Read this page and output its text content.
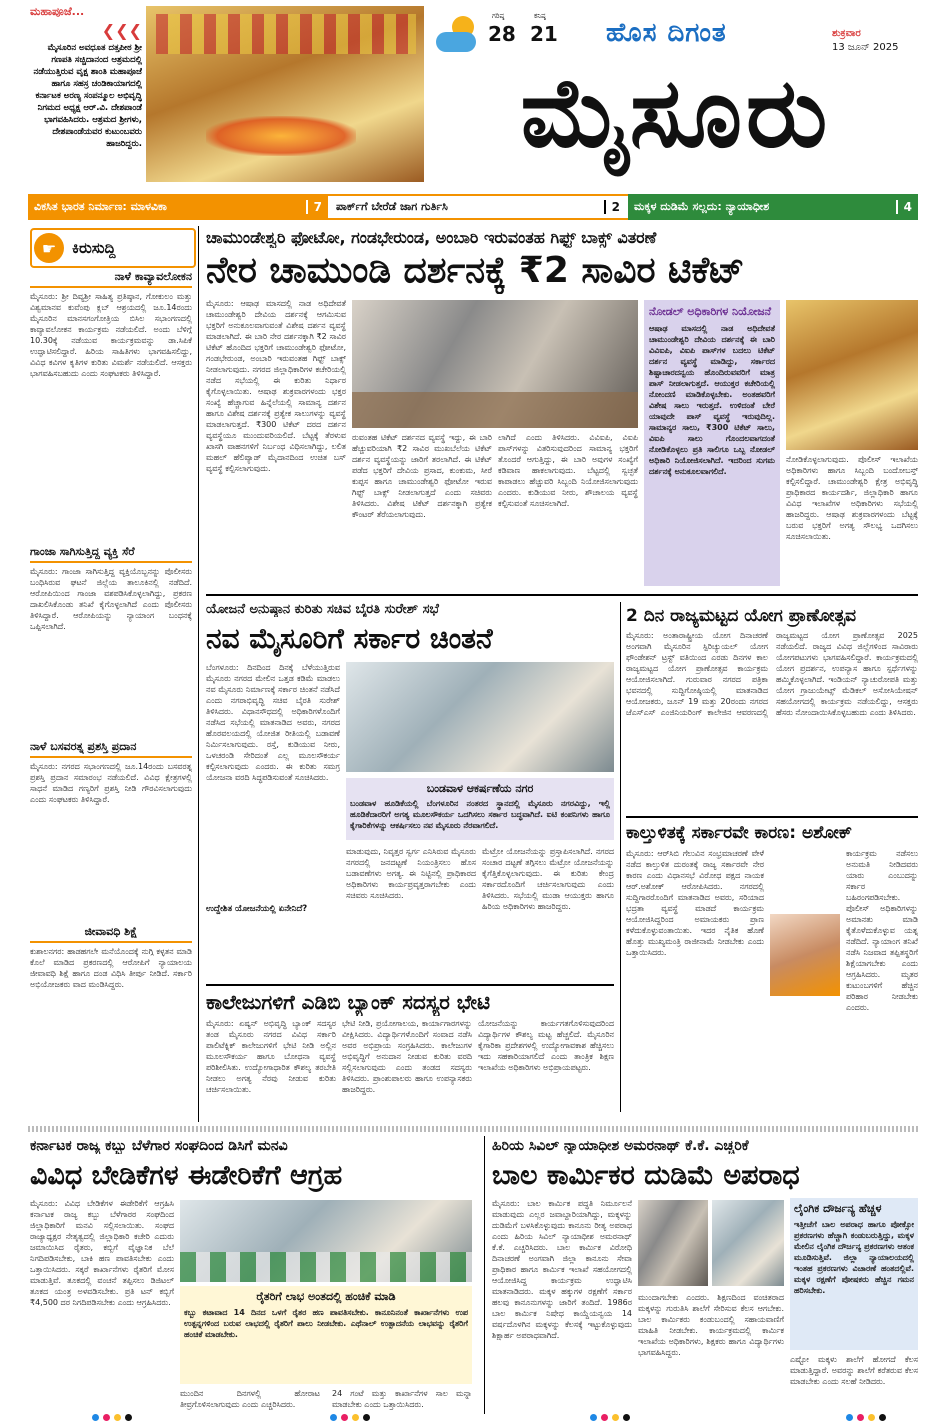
ಮಹಾಪೂಜೆ...
❮❮❮
ಮೈಸೂರಿನ ಅವಧೂತ ದತ್ತಪೀಠ ಶ್ರೀ ಗಣಪತಿ ಸಚ್ಚಿದಾನಂದ ಆಶ್ರಮದಲ್ಲಿ ನಡೆಯುತ್ತಿರುವ ವೃಕ್ಷ ಶಾಂತಿ ಮಹಾಪೂಜೆ ಹಾಗೂ ಸಹಸ್ರ ಚಂಡಿಕಾಯಾಗದಲ್ಲಿ ಕರ್ನಾಟಕ ಅರಣ್ಯ ಸಂಪನ್ಮೂಲ ಅಭಿವೃದ್ಧಿ ನಿಗಮದ ಅಧ್ಯಕ್ಷ ಆರ್.ವಿ. ದೇಶಪಾಂಡೆ ಭಾಗವಹಿಸಿದರು. ಆಶ್ರಮದ ಶ್ರೀಗಳು, ದೇಶಪಾಂಡೆಯವರ ಕುಟುಂಬವರು ಹಾಜರಿದ್ದರು.
ಗರಿಷ್ಠ	ಕನಿಷ್ಠ
28 21 ಹೊಸ ದಿಗಂತ	ಶುಕ್ರವಾರ
13 ಜೂನ್ 2025
ಮೈಸೂರು
ವಿಕಸಿತ ಭಾರತ ನಿರ್ಮಾಣ: ಮಾಳವಿಕಾ	7 ಪಾರ್ಕ್‌ಗೆ ಬೇರೆಡೆ ಜಾಗ ಗುರ್ತಿಸಿ	2 ಮಕ್ಕಳ ದುಡಿಮೆ ಸಲ್ಲದು: ನ್ಯಾಯಾಧೀಶ	4
☛	ಕಿರುಸುದ್ದಿ
ನಾಳೆ ಕಾವ್ಯಾವಲೋಕನ
ಮೈಸೂರು: ಶ್ರೀ ದಿವ್ಯಶ್ರೀ ಸಾಹಿತ್ಯ ಪ್ರತಿಷ್ಠಾನ, ಗೋಕುಲಂ ಮತ್ತು ವಿಶ್ವಮಾನವ ಕುವೆಂಪು ಕ್ಲಬ್ ಆಶ್ರಯದಲ್ಲಿ ಜೂ.14ರಂದು ಮೈಸೂರಿನ ಮಾನಸಗಂಗೋತ್ರಿಯ ಬಿಸಿಲ ಸಭಾಂಗಣದಲ್ಲಿ ಕಾವ್ಯಾವಲೋಕನ ಕಾರ್ಯಕ್ರಮ ನಡೆಯಲಿದೆ. ಅಂದು ಬೆಳಿಗ್ಗೆ 10.30ಕ್ಕೆ ನಡೆಯುವ ಕಾರ್ಯಕ್ರಮವನ್ನು ಡಾ.ಸಿಪಿಕೆ ಉದ್ಘಾಟಿಸಲಿದ್ದಾರೆ. ಹಿರಿಯ ಸಾಹಿತಿಗಳು ಭಾಗವಹಿಸಲಿದ್ದು, ವಿವಿಧ ಕವಿಗಳ ಕೃತಿಗಳ ಕುರಿತು ವಿಮರ್ಶೆ ನಡೆಯಲಿದೆ. ಆಸಕ್ತರು ಭಾಗವಹಿಸಬಹುದು ಎಂದು ಸಂಘಟಕರು ತಿಳಿಸಿದ್ದಾರೆ.
ಗಾಂಜಾ ಸಾಗಿಸುತ್ತಿದ್ದ ವ್ಯಕ್ತಿ ಸೆರೆ
ಮೈಸೂರು: ಗಾಂಜಾ ಸಾಗಿಸುತ್ತಿದ್ದ ವ್ಯಕ್ತಿಯೊಬ್ಬನನ್ನು ಪೊಲೀಸರು ಬಂಧಿಸಿರುವ ಘಟನೆ ಜಿಲ್ಲೆಯ ತಾಲೂಕಿನಲ್ಲಿ ನಡೆದಿದೆ. ಆರೋಪಿಯಿಂದ ಗಾಂಜಾ ವಶಪಡಿಸಿಕೊಳ್ಳಲಾಗಿದ್ದು, ಪ್ರಕರಣ ದಾಖಲಿಸಿಕೊಂಡು ತನಿಖೆ ಕೈಗೊಳ್ಳಲಾಗಿದೆ ಎಂದು ಪೊಲೀಸರು ತಿಳಿಸಿದ್ದಾರೆ. ಆರೋಪಿಯನ್ನು ನ್ಯಾಯಾಂಗ ಬಂಧನಕ್ಕೆ ಒಪ್ಪಿಸಲಾಗಿದೆ.
ನಾಳೆ ಬಸವರತ್ನ ಪ್ರಶಸ್ತಿ ಪ್ರದಾನ
ಮೈಸೂರು: ನಗರದ ಸಭಾಂಗಣದಲ್ಲಿ ಜೂ.14ರಂದು ಬಸವರತ್ನ ಪ್ರಶಸ್ತಿ ಪ್ರದಾನ ಸಮಾರಂಭ ನಡೆಯಲಿದೆ. ವಿವಿಧ ಕ್ಷೇತ್ರಗಳಲ್ಲಿ ಸಾಧನೆ ಮಾಡಿದ ಗಣ್ಯರಿಗೆ ಪ್ರಶಸ್ತಿ ನೀಡಿ ಗೌರವಿಸಲಾಗುವುದು ಎಂದು ಸಂಘಟಕರು ತಿಳಿಸಿದ್ದಾರೆ.
ಜೀವಾವಧಿ ಶಿಕ್ಷೆ
ಕುಶಾಲನಗರ: ಹಾಡಹಗಲೇ ಮನೆಯೊಂದಕ್ಕೆ ನುಗ್ಗಿ ಕಳ್ಳತನ ಮಾಡಿ ಕೊಲೆ ಮಾಡಿದ ಪ್ರಕರಣದಲ್ಲಿ ಆರೋಪಿಗೆ ನ್ಯಾಯಾಲಯ ಜೀವಾವಧಿ ಶಿಕ್ಷೆ ಹಾಗೂ ದಂಡ ವಿಧಿಸಿ ತೀರ್ಪು ನೀಡಿದೆ. ಸರ್ಕಾರಿ ಅಭಿಯೋಜಕರು ವಾದ ಮಂಡಿಸಿದ್ದರು.
ಚಾಮುಂಡೇಶ್ವರಿ ಫೋಟೋ, ಗಂಡಭೇರುಂಡ, ಅಂಬಾರಿ ಇರುವಂತಹ ಗಿಫ್ಟ್ ಬಾಕ್ಸ್ ವಿತರಣೆ
ನೇರ ಚಾಮುಂಡಿ ದರ್ಶನಕ್ಕೆ ₹2 ಸಾವಿರ ಟಿಕೆಟ್
ಮೈಸೂರು: ಆಷಾಢ ಮಾಸದಲ್ಲಿ ನಾಡ ಅಧಿದೇವತೆ ಚಾಮುಂಡೇಶ್ವರಿ ದೇವಿಯ ದರ್ಶನಕ್ಕೆ ಆಗಮಿಸುವ ಭಕ್ತರಿಗೆ ಅನುಕೂಲವಾಗುವಂತೆ ವಿಶೇಷ ದರ್ಶನ ವ್ಯವಸ್ಥೆ ಮಾಡಲಾಗಿದೆ. ಈ ಬಾರಿ ನೇರ ದರ್ಶನಕ್ಕಾಗಿ ₹2 ಸಾವಿರ ಟಿಕೆಟ್ ಹೊಂದಿದ ಭಕ್ತರಿಗೆ ಚಾಮುಂಡೇಶ್ವರಿ ಫೋಟೋ, ಗಂಡಭೇರುಂಡ, ಅಂಬಾರಿ ಇರುವಂತಹ ಗಿಫ್ಟ್ ಬಾಕ್ಸ್ ನೀಡಲಾಗುವುದು. ನಗರದ ಜಿಲ್ಲಾಧಿಕಾರಿಗಳ ಕಚೇರಿಯಲ್ಲಿ ನಡೆದ ಸಭೆಯಲ್ಲಿ ಈ ಕುರಿತು ನಿರ್ಧಾರ ಕೈಗೊಳ್ಳಲಾಯಿತು. ಆಷಾಢ ಶುಕ್ರವಾರಗಳಂದು ಭಕ್ತರ ಸಂಖ್ಯೆ ಹೆಚ್ಚಾಗುವ ಹಿನ್ನೆಲೆಯಲ್ಲಿ ಸಾಮಾನ್ಯ ದರ್ಶನ ಹಾಗೂ ವಿಶೇಷ ದರ್ಶನಕ್ಕೆ ಪ್ರತ್ಯೇಕ ಸಾಲುಗಳನ್ನು ವ್ಯವಸ್ಥೆ ಮಾಡಲಾಗುತ್ತದೆ. ₹300 ಟಿಕೆಟ್ ದರದ ದರ್ಶನ ವ್ಯವಸ್ಥೆಯೂ ಮುಂದುವರಿಯಲಿದೆ. ಬೆಟ್ಟಕ್ಕೆ ತೆರಳುವ ಖಾಸಗಿ ವಾಹನಗಳಿಗೆ ನಿರ್ಬಂಧ ವಿಧಿಸಲಾಗಿದ್ದು, ಲಲಿತ ಮಹಲ್ ಹೆಲಿಪ್ಯಾಡ್ ಮೈದಾನದಿಂದ ಉಚಿತ ಬಸ್ ವ್ಯವಸ್ಥೆ ಕಲ್ಪಿಸಲಾಗುವುದು.
ರುವಂತಹ ಟಿಕೆಟ್ ದರ್ಶನದ ವ್ಯವಸ್ಥೆ ಇದ್ದು, ಈ ಬಾರಿ ಹೆಚ್ಚುವರಿಯಾಗಿ ₹2 ಸಾವಿರ ಮುಖಬೆಲೆಯ ಟಿಕೆಟ್ ದರ್ಶನ ವ್ಯವಸ್ಥೆಯನ್ನು ಜಾರಿಗೆ ತರಲಾಗಿದೆ. ಈ ಟಿಕೆಟ್ ಪಡೆದ ಭಕ್ತರಿಗೆ ದೇವಿಯ ಪ್ರಸಾದ, ಕುಂಕುಮ, ಸೀರೆ ಕುಪ್ಪಸ ಹಾಗೂ ಚಾಮುಂಡೇಶ್ವರಿ ಫೋಟೋ ಇರುವ ಗಿಫ್ಟ್ ಬಾಕ್ಸ್ ನೀಡಲಾಗುತ್ತದೆ ಎಂದು ಸಚಿವರು ತಿಳಿಸಿದರು. ವಿಶೇಷ ಟಿಕೆಟ್ ದರ್ಶನಕ್ಕಾಗಿ ಪ್ರತ್ಯೇಕ ಕೌಂಟರ್ ತೆರೆಯಲಾಗುವುದು.
ಲಾಗಿದೆ ಎಂದು ತಿಳಿಸಿದರು. ವಿವಿಐಪಿ, ವಿಐಪಿ ಪಾಸ್‌ಗಳನ್ನು ವಿತರಿಸುವುದರಿಂದ ಸಾಮಾನ್ಯ ಭಕ್ತರಿಗೆ ತೊಂದರೆ ಆಗುತ್ತಿದ್ದು, ಈ ಬಾರಿ ಅವುಗಳ ಸಂಖ್ಯೆಗೆ ಕಡಿವಾಣ ಹಾಕಲಾಗುವುದು. ಬೆಟ್ಟದಲ್ಲಿ ಸ್ವಚ್ಛತೆ ಕಾಪಾಡಲು ಹೆಚ್ಚುವರಿ ಸಿಬ್ಬಂದಿ ನಿಯೋಜಿಸಲಾಗುವುದು ಎಂದರು. ಕುಡಿಯುವ ನೀರು, ಶೌಚಾಲಯ ವ್ಯವಸ್ಥೆ ಕಲ್ಪಿಸುವಂತೆ ಸೂಚಿಸಲಾಗಿದೆ.
ನೋಡಲ್ ಅಧಿಕಾರಿಗಳ ನಿಯೋಜನೆ
ಆಷಾಢ ಮಾಸದಲ್ಲಿ ನಾಡ ಅಧಿದೇವತೆ ಚಾಮುಂಡೇಶ್ವರಿ ದೇವಿಯ ದರ್ಶನಕ್ಕೆ ಈ ಬಾರಿ ವಿವಿಐಪಿ, ವಿಐಪಿ ಪಾಸ್‌ಗಳ ಬದಲು ಟಿಕೆಟ್ ದರ್ಶನ ವ್ಯವಸ್ಥೆ ಮಾಡಿದ್ದು, ಸರ್ಕಾರದ ಶಿಷ್ಟಾಚಾರದನ್ವಯ ಹೊಂದಿರುವವರಿಗೆ ಮಾತ್ರ ಪಾಸ್ ನೀಡಲಾಗುತ್ತದೆ. ಆಯುಕ್ತರ ಕಚೇರಿಯಲ್ಲಿ ನೋಂದಣಿ ಮಾಡಿಕೊಳ್ಳಬೇಕು. ಅಂತಹವರಿಗೆ ವಿಶೇಷ ಸಾಲು ಇರುತ್ತದೆ. ಉಳಿದಂತೆ ಬೇರೆ ಯಾವುದೇ ಪಾಸ್ ವ್ಯವಸ್ಥೆ ಇರುವುದಿಲ್ಲ. ಸಾಮಾನ್ಯರ ಸಾಲು, ₹300 ಟಿಕೆಟ್ ಸಾಲು, ವಿಐಪಿ ಸಾಲು ಗೊಂದಲವಾಗದಂತೆ ನೋಡಿಕೊಳ್ಳಲು ಪ್ರತಿ ಸಾಲಿಗೂ ಒಬ್ಬ ನೋಡಲ್ ಅಧಿಕಾರಿ ನಿಯೋಜಿಸಲಾಗಿದೆ. ಇದರಿಂದ ಸುಗಮ ದರ್ಶನಕ್ಕೆ ಅನುಕೂಲವಾಗಲಿದೆ.
ನೋಡಿಕೊಳ್ಳಲಾಗುವುದು. ಪೊಲೀಸ್ ಇಲಾಖೆಯ ಅಧಿಕಾರಿಗಳು ಹಾಗೂ ಸಿಬ್ಬಂದಿ ಬಂದೋಬಸ್ತ್ ಕಲ್ಪಿಸಲಿದ್ದಾರೆ. ಚಾಮುಂಡೇಶ್ವರಿ ಕ್ಷೇತ್ರ ಅಭಿವೃದ್ಧಿ ಪ್ರಾಧಿಕಾರದ ಕಾರ್ಯದರ್ಶಿ, ಜಿಲ್ಲಾಧಿಕಾರಿ ಹಾಗೂ ವಿವಿಧ ಇಲಾಖೆಗಳ ಅಧಿಕಾರಿಗಳು ಸಭೆಯಲ್ಲಿ ಹಾಜರಿದ್ದರು. ಆಷಾಢ ಶುಕ್ರವಾರಗಳಂದು ಬೆಟ್ಟಕ್ಕೆ ಬರುವ ಭಕ್ತರಿಗೆ ಅಗತ್ಯ ಸೌಲಭ್ಯ ಒದಗಿಸಲು ಸೂಚಿಸಲಾಯಿತು.
ಯೋಜನೆ ಅನುಷ್ಠಾನ ಕುರಿತು ಸಚಿವ ಬೈರತಿ ಸುರೇಶ್ ಸಭೆ
ನವ ಮೈಸೂರಿಗೆ ಸರ್ಕಾರ ಚಿಂತನೆ
ಬೆಂಗಳೂರು: ದಿನದಿಂದ ದಿನಕ್ಕೆ ಬೆಳೆಯುತ್ತಿರುವ ಮೈಸೂರು ನಗರದ ಮೇಲಿನ ಒತ್ತಡ ಕಡಿಮೆ ಮಾಡಲು ನವ ಮೈಸೂರು ನಿರ್ಮಾಣಕ್ಕೆ ಸರ್ಕಾರ ಚಿಂತನೆ ನಡೆಸಿದೆ ಎಂದು ನಗರಾಭಿವೃದ್ಧಿ ಸಚಿವ ಬೈರತಿ ಸುರೇಶ್ ತಿಳಿಸಿದರು. ವಿಧಾನಸೌಧದಲ್ಲಿ ಅಧಿಕಾರಿಗಳೊಂದಿಗೆ ನಡೆಸಿದ ಸಭೆಯಲ್ಲಿ ಮಾತನಾಡಿದ ಅವರು, ನಗರದ ಹೊರವಲಯದಲ್ಲಿ ಯೋಜಿತ ರೀತಿಯಲ್ಲಿ ಬಡಾವಣೆ ನಿರ್ಮಿಸಲಾಗುವುದು. ರಸ್ತೆ, ಕುಡಿಯುವ ನೀರು, ಒಳಚರಂಡಿ ಸೇರಿದಂತೆ ಎಲ್ಲ ಮೂಲಸೌಕರ್ಯ ಕಲ್ಪಿಸಲಾಗುವುದು ಎಂದರು. ಈ ಕುರಿತು ಸಮಗ್ರ ಯೋಜನಾ ವರದಿ ಸಿದ್ಧಪಡಿಸುವಂತೆ ಸೂಚಿಸಿದರು.
ಬಂಡವಾಳ ಆಕರ್ಷಣೆಯ ನಗರ
ಬಂಡವಾಳ ಹೂಡಿಕೆಯಲ್ಲಿ ಬೆಂಗಳೂರಿನ ನಂತರದ ಸ್ಥಾನದಲ್ಲಿ ಮೈಸೂರು ನಗರವಿದ್ದು, ಇಲ್ಲಿ ಹೂಡಿಕೆದಾರರಿಗೆ ಅಗತ್ಯ ಮೂಲಸೌಕರ್ಯ ಒದಗಿಸಲು ಸರ್ಕಾರ ಬದ್ಧವಾಗಿದೆ. ಐಟಿ ಕಂಪನಿಗಳು ಹಾಗೂ ಕೈಗಾರಿಕೆಗಳನ್ನು ಆಕರ್ಷಿಸಲು ನವ ಮೈಸೂರು ನೆರವಾಗಲಿದೆ.
ಉದ್ದೇಶಿತ ಯೋಜನೆಯಲ್ಲಿ ಏನೇನಿದೆ?
ಮಾಡುವುದು, ನಿವೃತ್ತರ ಸ್ವರ್ಗ ಎನಿಸಿರುವ ಮೈಸೂರು ನಗರದಲ್ಲಿ ಜನದಟ್ಟಣೆ ನಿಯಂತ್ರಿಸಲು ಹೊಸ ಬಡಾವಣೆಗಳು ಅಗತ್ಯ. ಈ ನಿಟ್ಟಿನಲ್ಲಿ ಪ್ರಾಧಿಕಾರದ ಅಧಿಕಾರಿಗಳು ಕಾರ್ಯಪ್ರವೃತ್ತರಾಗಬೇಕು ಎಂದು ಸಚಿವರು ಸೂಚಿಸಿದರು.
ಮೆಟ್ರೋ ಯೋಜನೆಯನ್ನು ಪ್ರಸ್ತಾಪಿಸಲಾಗಿದೆ. ನಗರದ ಸಂಚಾರ ದಟ್ಟಣೆ ತಗ್ಗಿಸಲು ಮೆಟ್ರೋ ಯೋಜನೆಯನ್ನು ಕೈಗೆತ್ತಿಕೊಳ್ಳಲಾಗುವುದು. ಈ ಕುರಿತು ಕೇಂದ್ರ ಸರ್ಕಾರದೊಂದಿಗೆ ಚರ್ಚಿಸಲಾಗುವುದು ಎಂದು ತಿಳಿಸಿದರು. ಸಭೆಯಲ್ಲಿ ಮುಡಾ ಆಯುಕ್ತರು ಹಾಗೂ ಹಿರಿಯ ಅಧಿಕಾರಿಗಳು ಹಾಜರಿದ್ದರು.
2 ದಿನ ರಾಜ್ಯಮಟ್ಟದ ಯೋಗ ಪ್ರಾಣೋತ್ಸವ
ಮೈಸೂರು: ಅಂತಾರಾಷ್ಟ್ರೀಯ ಯೋಗ ದಿನಾಚರಣೆ ಅಂಗವಾಗಿ ಮೈಸೂರಿನ ಸ್ಪಿರಿಚ್ಯುಯಲ್ ಯೋಗ ಫೌಂಡೇಶನ್ ಟ್ರಸ್ಟ್ ವತಿಯಿಂದ ಎರಡು ದಿನಗಳ ಕಾಲ ರಾಜ್ಯಮಟ್ಟದ ಯೋಗ ಪ್ರಾಣೋತ್ಸವ ಕಾರ್ಯಕ್ರಮ ಆಯೋಜಿಸಲಾಗಿದೆ. ಗುರುವಾರ ನಗರದ ಪತ್ರಿಕಾ ಭವನದಲ್ಲಿ ಸುದ್ದಿಗೋಷ್ಠಿಯಲ್ಲಿ ಮಾತನಾಡಿದ ಆಯೋಜಕರು, ಜೂನ್ 19 ಮತ್ತು 20ರಂದು ನಗರದ ಜೆಎಸ್ಎಸ್ ಎಂಜಿನಿಯರಿಂಗ್ ಕಾಲೇಜಿನ ಆವರಣದಲ್ಲಿ ರಾಜ್ಯಮಟ್ಟದ ಯೋಗ ಪ್ರಾಣೋತ್ಸವ 2025 ನಡೆಯಲಿದೆ. ರಾಜ್ಯದ ವಿವಿಧ ಜಿಲ್ಲೆಗಳಿಂದ ಸಾವಿರಾರು ಯೋಗಪಟುಗಳು ಭಾಗವಹಿಸಲಿದ್ದಾರೆ. ಕಾರ್ಯಕ್ರಮದಲ್ಲಿ ಯೋಗ ಪ್ರದರ್ಶನ, ಉಪನ್ಯಾಸ ಹಾಗೂ ಸ್ಪರ್ಧೆಗಳನ್ನು ಹಮ್ಮಿಕೊಳ್ಳಲಾಗಿದೆ. ಇಂಡಿಯನ್ ನ್ಯಾಚುರೋಪತಿ ಮತ್ತು ಯೋಗ ಗ್ರಾಜುಯೇಟ್ಸ್ ಮೆಡಿಕಲ್ ಅಸೋಸಿಯೇಷನ್ ಸಹಯೋಗದಲ್ಲಿ ಕಾರ್ಯಕ್ರಮ ನಡೆಯಲಿದ್ದು, ಆಸಕ್ತರು ಹೆಸರು ನೋಂದಾಯಿಸಿಕೊಳ್ಳಬಹುದು ಎಂದು ತಿಳಿಸಿದರು.
ಕಾಲ್ತುಳಿತಕ್ಕೆ ಸರ್ಕಾರವೇ ಕಾರಣ: ಅಶೋಕ್
ಮೈಸೂರು: ಆರ್‌ಸಿಬಿ ಗೆಲುವಿನ ಸಂಭ್ರಮಾಚರಣೆ ವೇಳೆ ನಡೆದ ಕಾಲ್ತುಳಿತ ದುರಂತಕ್ಕೆ ರಾಜ್ಯ ಸರ್ಕಾರವೇ ನೇರ ಕಾರಣ ಎಂದು ವಿಧಾನಸಭೆ ವಿರೋಧ ಪಕ್ಷದ ನಾಯಕ ಆರ್.ಅಶೋಕ್ ಆರೋಪಿಸಿದರು. ನಗರದಲ್ಲಿ ಸುದ್ದಿಗಾರರೊಂದಿಗೆ ಮಾತನಾಡಿದ ಅವರು, ಸರಿಯಾದ ಭದ್ರತಾ ವ್ಯವಸ್ಥೆ ಮಾಡದೆ ಕಾರ್ಯಕ್ರಮ ಆಯೋಜಿಸಿದ್ದರಿಂದ ಅಮಾಯಕರು ಪ್ರಾಣ ಕಳೆದುಕೊಳ್ಳುವಂತಾಯಿತು. ಇದರ ನೈತಿಕ ಹೊಣೆ ಹೊತ್ತು ಮುಖ್ಯಮಂತ್ರಿ ರಾಜೀನಾಮೆ ನೀಡಬೇಕು ಎಂದು ಒತ್ತಾಯಿಸಿದರು.
ಕಾರ್ಯಕ್ರಮ ನಡೆಸಲು ಅನುಮತಿ ನೀಡಿದವರು ಯಾರು ಎಂಬುದನ್ನು ಸರ್ಕಾರ ಬಹಿರಂಗಪಡಿಸಬೇಕು. ಪೊಲೀಸ್ ಅಧಿಕಾರಿಗಳನ್ನು ಅಮಾನತು ಮಾಡಿ ಕೈತೊಳೆದುಕೊಳ್ಳುವ ಯತ್ನ ನಡೆದಿದೆ. ನ್ಯಾಯಾಂಗ ತನಿಖೆ ನಡೆಸಿ ನಿಜವಾದ ತಪ್ಪಿತಸ್ಥರಿಗೆ ಶಿಕ್ಷೆಯಾಗಬೇಕು ಎಂದು ಆಗ್ರಹಿಸಿದರು. ಮೃತರ ಕುಟುಂಬಗಳಿಗೆ ಹೆಚ್ಚಿನ ಪರಿಹಾರ ನೀಡಬೇಕು ಎಂದರು.
ಕಾಲೇಜುಗಳಿಗೆ ಎಡಿಬಿ ಬ್ಯಾಂಕ್ ಸದಸ್ಯರ ಭೇಟಿ
ಮೈಸೂರು: ಏಷ್ಯನ್ ಅಭಿವೃದ್ಧಿ ಬ್ಯಾಂಕ್ ಸದಸ್ಯರ ತಂಡ ಮೈಸೂರು ನಗರದ ವಿವಿಧ ಸರ್ಕಾರಿ ಪಾಲಿಟೆಕ್ನಿಕ್ ಕಾಲೇಜುಗಳಿಗೆ ಭೇಟಿ ನೀಡಿ ಅಲ್ಲಿನ ಮೂಲಸೌಕರ್ಯ ಹಾಗೂ ಬೋಧನಾ ವ್ಯವಸ್ಥೆ ಪರಿಶೀಲಿಸಿತು. ಉದ್ಯೋಗಾಧಾರಿತ ಕೌಶಲ್ಯ ತರಬೇತಿ ನೀಡಲು ಅಗತ್ಯ ನೆರವು ನೀಡುವ ಕುರಿತು ಚರ್ಚಿಸಲಾಯಿತು.
ಭೇಟಿ ನೀಡಿ, ಪ್ರಯೋಗಾಲಯ, ಕಾರ್ಯಾಗಾರಗಳನ್ನು ವೀಕ್ಷಿಸಿದರು. ವಿದ್ಯಾರ್ಥಿಗಳೊಂದಿಗೆ ಸಂವಾದ ನಡೆಸಿ ಅವರ ಅಭಿಪ್ರಾಯ ಸಂಗ್ರಹಿಸಿದರು. ಕಾಲೇಜುಗಳ ಅಭಿವೃದ್ಧಿಗೆ ಅನುದಾನ ನೀಡುವ ಕುರಿತು ವರದಿ ಸಲ್ಲಿಸಲಾಗುವುದು ಎಂದು ತಂಡದ ಸದಸ್ಯರು ತಿಳಿಸಿದರು. ಪ್ರಾಂಶುಪಾಲರು ಹಾಗೂ ಉಪನ್ಯಾಸಕರು ಹಾಜರಿದ್ದರು.
ಯೋಜನೆಯನ್ನು ಕಾರ್ಯಗತಗೊಳಿಸುವುದರಿಂದ ವಿದ್ಯಾರ್ಥಿಗಳ ಕೌಶಲ್ಯ ಮಟ್ಟ ಹೆಚ್ಚಲಿದೆ. ಮೈಸೂರಿನ ಕೈಗಾರಿಕಾ ಪ್ರದೇಶಗಳಲ್ಲಿ ಉದ್ಯೋಗಾವಕಾಶ ಹೆಚ್ಚಿಸಲು ಇದು ಸಹಕಾರಿಯಾಗಲಿದೆ ಎಂದು ತಾಂತ್ರಿಕ ಶಿಕ್ಷಣ ಇಲಾಖೆಯ ಅಧಿಕಾರಿಗಳು ಅಭಿಪ್ರಾಯಪಟ್ಟರು.
ಕರ್ನಾಟಕ ರಾಜ್ಯ ಕಬ್ಬು ಬೆಳೆಗಾರ ಸಂಘದಿಂದ ಡಿಸಿಗೆ ಮನವಿ
ವಿವಿಧ ಬೇಡಿಕೆಗಳ ಈಡೇರಿಕೆಗೆ ಆಗ್ರಹ
ಮೈಸೂರು: ವಿವಿಧ ಬೇಡಿಕೆಗಳ ಈಡೇರಿಕೆಗೆ ಆಗ್ರಹಿಸಿ ಕರ್ನಾಟಕ ರಾಜ್ಯ ಕಬ್ಬು ಬೆಳೆಗಾರರ ಸಂಘದಿಂದ ಜಿಲ್ಲಾಧಿಕಾರಿಗೆ ಮನವಿ ಸಲ್ಲಿಸಲಾಯಿತು. ಸಂಘದ ರಾಜ್ಯಾಧ್ಯಕ್ಷರ ನೇತೃತ್ವದಲ್ಲಿ ಜಿಲ್ಲಾಧಿಕಾರಿ ಕಚೇರಿ ಎದುರು ಜಮಾಯಿಸಿದ ರೈತರು, ಕಬ್ಬಿಗೆ ವೈಜ್ಞಾನಿಕ ಬೆಲೆ ನಿಗದಿಪಡಿಸಬೇಕು, ಬಾಕಿ ಹಣ ಪಾವತಿಸಬೇಕು ಎಂದು ಒತ್ತಾಯಿಸಿದರು. ಸಕ್ಕರೆ ಕಾರ್ಖಾನೆಗಳು ರೈತರಿಗೆ ಮೋಸ ಮಾಡುತ್ತಿವೆ. ತೂಕದಲ್ಲಿ ವಂಚನೆ ತಪ್ಪಿಸಲು ಡಿಜಿಟಲ್ ತೂಕದ ಯಂತ್ರ ಅಳವಡಿಸಬೇಕು. ಪ್ರತಿ ಟನ್ ಕಬ್ಬಿಗೆ ₹4,500 ದರ ನಿಗದಿಪಡಿಸಬೇಕು ಎಂದು ಆಗ್ರಹಿಸಿದರು.	ರೈತರಿಗೆ ಲಾಭ ಅಂತದಲ್ಲಿ ಹಂಚಿಕೆ ಮಾಡಿ
ಕಬ್ಬು ಕಟಾವಾದ 14 ದಿನದ ಒಳಗೆ ರೈತರ ಹಣ ಪಾವತಿಸಬೇಕು. ಕಾನೂನಿನಂತೆ ಕಾರ್ಖಾನೆಗಳು ಉಪ ಉತ್ಪನ್ನಗಳಿಂದ ಬರುವ ಲಾಭದಲ್ಲಿ ರೈತರಿಗೆ ಪಾಲು ನೀಡಬೇಕು. ಎಥೆನಾಲ್ ಉತ್ಪಾದನೆಯ ಲಾಭವನ್ನು ರೈತರಿಗೆ ಹಂಚಿಕೆ ಮಾಡಬೇಕು.
ಮುಂದಿನ ದಿನಗಳಲ್ಲಿ ಹೋರಾಟ ತೀವ್ರಗೊಳಿಸಲಾಗುವುದು ಎಂದು ಎಚ್ಚರಿಸಿದರು.
24 ಗಂಟೆ ಮತ್ತು ಕಾರ್ಖಾನೆಗಳ ಸಾಲ ಮನ್ನಾ ಮಾಡಬೇಕು ಎಂದು ಒತ್ತಾಯಿಸಿದರು.
ಹಿರಿಯ ಸಿವಿಲ್ ನ್ಯಾಯಾಧೀಶ ಅಮರನಾಥ್ ಕೆ.ಕೆ. ಎಚ್ಚರಿಕೆ
ಬಾಲ ಕಾರ್ಮಿಕರ ದುಡಿಮೆ ಅಪರಾಧ
ಮೈಸೂರು: ಬಾಲ ಕಾರ್ಮಿಕ ಪದ್ಧತಿ ನಿರ್ಮೂಲನೆ ಮಾಡುವುದು ಎಲ್ಲರ ಜವಾಬ್ದಾರಿಯಾಗಿದ್ದು, ಮಕ್ಕಳನ್ನು ದುಡಿಮೆಗೆ ಬಳಸಿಕೊಳ್ಳುವುದು ಕಾನೂನು ರೀತ್ಯ ಅಪರಾಧ ಎಂದು ಹಿರಿಯ ಸಿವಿಲ್ ನ್ಯಾಯಾಧೀಶ ಅಮರನಾಥ್ ಕೆ.ಕೆ. ಎಚ್ಚರಿಸಿದರು. ಬಾಲ ಕಾರ್ಮಿಕ ವಿರೋಧಿ ದಿನಾಚರಣೆ ಅಂಗವಾಗಿ ಜಿಲ್ಲಾ ಕಾನೂನು ಸೇವಾ ಪ್ರಾಧಿಕಾರ ಹಾಗೂ ಕಾರ್ಮಿಕ ಇಲಾಖೆ ಸಹಯೋಗದಲ್ಲಿ ಆಯೋಜಿಸಿದ್ದ ಕಾರ್ಯಕ್ರಮ ಉದ್ಘಾಟಿಸಿ ಮಾತನಾಡಿದರು. ಮಕ್ಕಳ ಹಕ್ಕುಗಳ ರಕ್ಷಣೆಗೆ ಸರ್ಕಾರ ಹಲವು ಕಾನೂನುಗಳನ್ನು ಜಾರಿಗೆ ತಂದಿದೆ. 1986ರ ಬಾಲ ಕಾರ್ಮಿಕ ನಿಷೇಧ ಕಾಯ್ದೆಯನ್ವಯ 14 ವರ್ಷದೊಳಗಿನ ಮಕ್ಕಳನ್ನು ಕೆಲಸಕ್ಕೆ ಇಟ್ಟುಕೊಳ್ಳುವುದು ಶಿಕ್ಷಾರ್ಹ ಅಪರಾಧವಾಗಿದೆ.
ಮುಂದಾಗಬೇಕು ಎಂದರು. ಶಿಕ್ಷಣದಿಂದ ವಂಚಿತರಾದ ಮಕ್ಕಳನ್ನು ಗುರುತಿಸಿ ಶಾಲೆಗೆ ಸೇರಿಸುವ ಕೆಲಸ ಆಗಬೇಕು. ಬಾಲ ಕಾರ್ಮಿಕರು ಕಂಡುಬಂದಲ್ಲಿ ಸಹಾಯವಾಣಿಗೆ ಮಾಹಿತಿ ನೀಡಬೇಕು. ಕಾರ್ಯಕ್ರಮದಲ್ಲಿ ಕಾರ್ಮಿಕ ಇಲಾಖೆಯ ಅಧಿಕಾರಿಗಳು, ಶಿಕ್ಷಕರು ಹಾಗೂ ವಿದ್ಯಾರ್ಥಿಗಳು ಭಾಗವಹಿಸಿದ್ದರು.
ಲೈಂಗಿಕ ದೌರ್ಜನ್ಯ ಹೆಚ್ಚಳ
ಇತ್ತೀಚೆಗೆ ಬಾಲ ಅಪರಾಧ ಹಾಗೂ ಪೋಕ್ಸೋ ಪ್ರಕರಣಗಳು ಹೆಚ್ಚಾಗಿ ಕಂಡುಬರುತ್ತಿದ್ದು, ಮಕ್ಕಳ ಮೇಲಿನ ಲೈಂಗಿಕ ದೌರ್ಜನ್ಯ ಪ್ರಕರಣಗಳು ಆತಂಕ ಮೂಡಿಸುತ್ತಿವೆ. ಜಿಲ್ಲಾ ನ್ಯಾಯಾಲಯದಲ್ಲಿ ಇಂತಹ ಪ್ರಕರಣಗಳು ವಿಚಾರಣೆ ಹಂತದಲ್ಲಿವೆ. ಮಕ್ಕಳ ರಕ್ಷಣೆಗೆ ಪೋಷಕರು ಹೆಚ್ಚಿನ ಗಮನ ಹರಿಸಬೇಕು.
ಎಷ್ಟೋ ಮಕ್ಕಳು ಶಾಲೆಗೆ ಹೋಗದೆ ಕೆಲಸ ಮಾಡುತ್ತಿದ್ದಾರೆ. ಅವರನ್ನು ಶಾಲೆಗೆ ಕರೆತರುವ ಕೆಲಸ ಮಾಡಬೇಕು ಎಂದು ಸಲಹೆ ನೀಡಿದರು.
